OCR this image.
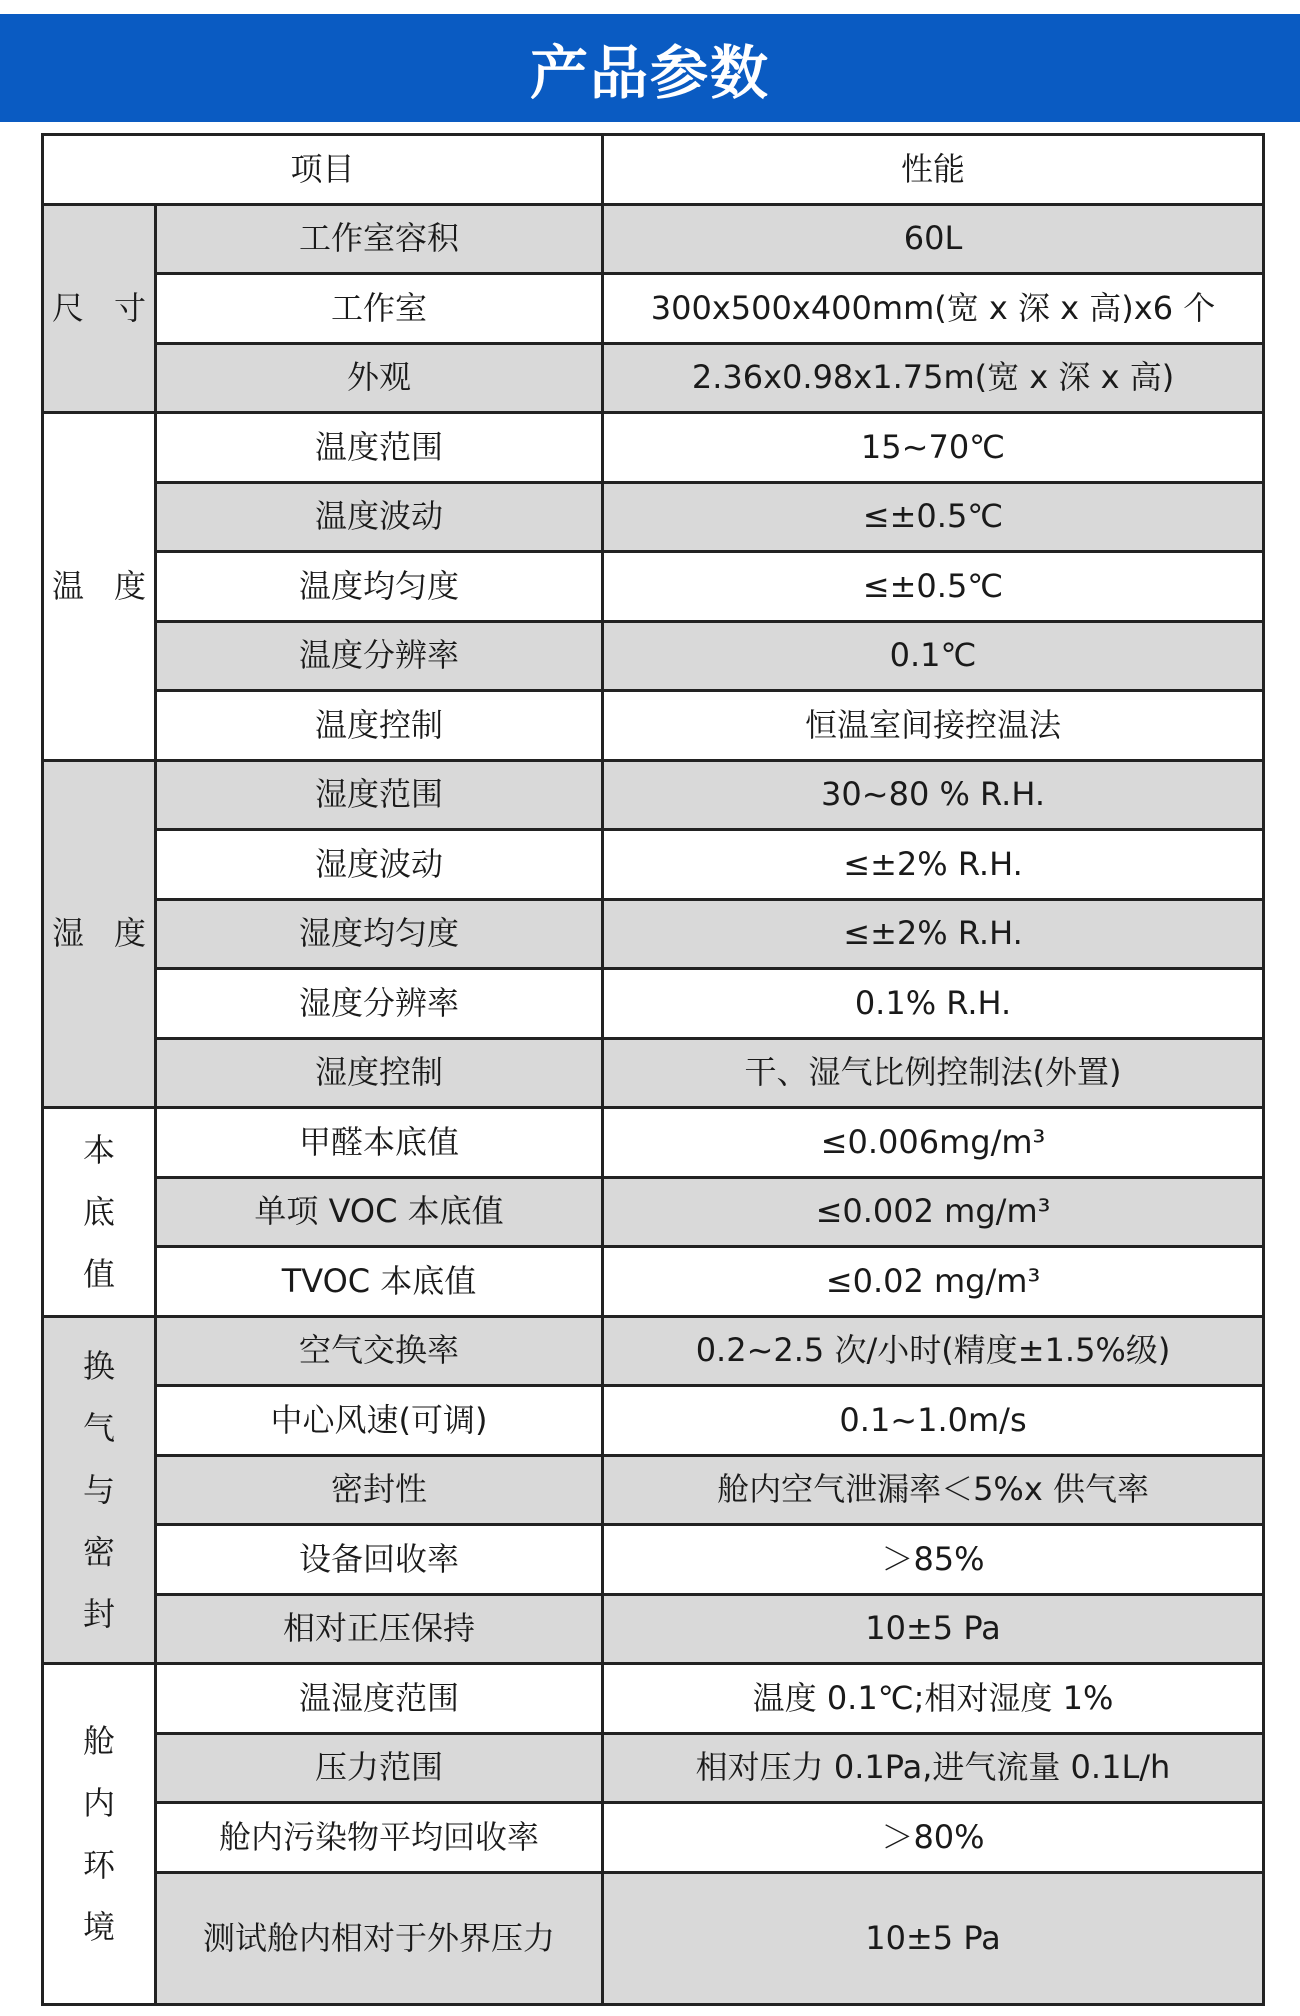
产品参数
项目		性能
尺 寸	工作室容积	60L
	工作室	300x500x400mm(宽 x 深 x 高)x6 个
	外观	2.36x0.98x1.75m(宽 x 深 x 高)
温 度	温度范围	15~70℃
	温度波动	≤±0.5℃
	温度均匀度	≤±0.5℃
	温度分辨率	0.1℃
	温度控制	恒温室间接控温法
湿 度	湿度范围	30~80 % R.H.
	湿度波动	≤±2% R.H.
	湿度均匀度	≤±2% R.H.
	湿度分辨率	0.1% R.H.
	湿度控制	干、湿气比例控制法(外置)

本
底
值	甲醛本底值	≤0.006mg/m³
	单项 VOC 本底值	≤0.002 mg/m³
	TVOC 本底值	≤0.02 mg/m³

换
气
与
密
封	空气交换率	0.2~2.5 次/小时(精度±1.5%级)
	中心风速(可调)	0.1~1.0m/s
	密封性	舱内空气泄漏率＜5%x 供气率
	设备回收率	＞85%
	相对正压保持	10±5 Pa

舱
内
环
境	温湿度范围	温度 0.1℃;相对湿度 1%
	压力范围	相对压力 0.1Pa,进气流量 0.1L/h
	舱内污染物平均回收率	＞80%
	测试舱内相对于外界压力	10±5 Pa
